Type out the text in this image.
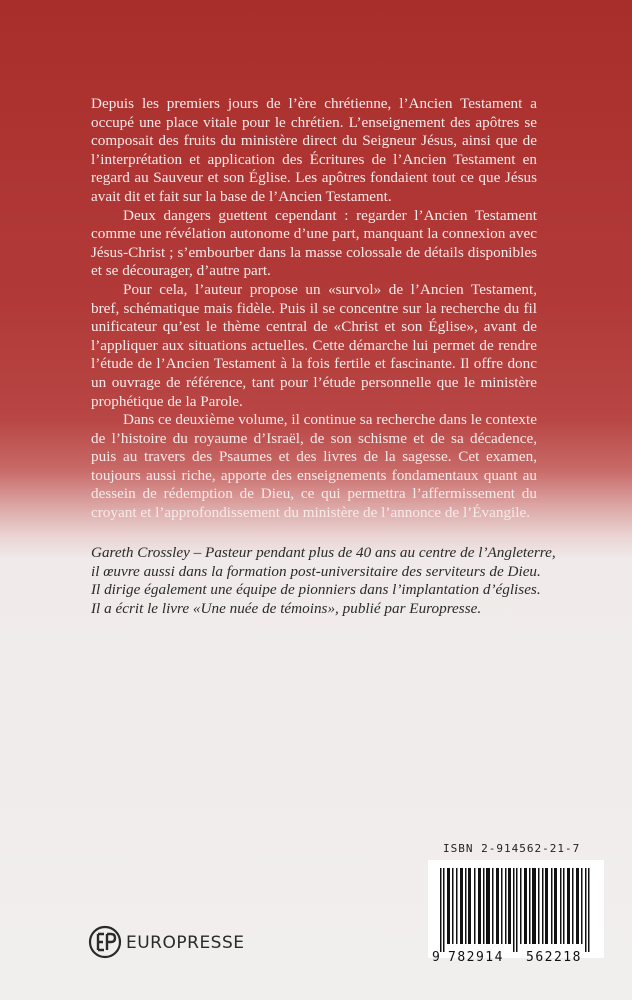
Depuis les premiers jours de l’ère chrétienne, l’Ancien Testament a occupé une place vitale pour le chrétien. L’enseignement des apôtres se composait des fruits du ministère direct du Seigneur Jésus, ainsi que de l’interprétation et application des Écritures de l’Ancien Testament en regard au Sauveur et son Église. Les apôtres fondaient tout ce que Jésus avait dit et fait sur la base de l’Ancien Testament.

Deux dangers guettent cependant : regarder l’Ancien Testament comme une révélation autonome d’une part, manquant la connexion avec Jésus-Christ ; s’embourber dans la masse colossale de détails disponibles et se décourager, d’autre part.

Pour cela, l’auteur propose un «survol» de l’Ancien Testament, bref, schématique mais fidèle. Puis il se concentre sur la recherche du fil unificateur qu’est le thème central de «Christ et son Église», avant de l’appliquer aux situations actuelles. Cette démarche lui permet de rendre l’étude de l’Ancien Testament à la fois fertile et fascinante. Il offre donc un ouvrage de référence, tant pour l’étude personnelle que le ministère prophétique de la Parole.

Dans ce deuxième volume, il continue sa recherche dans le contexte de l’histoire du royaume d’Israël, de son schisme et de sa décadence, puis au travers des Psaumes et des livres de la sagesse. Cet examen, toujours aussi riche, apporte des enseignements fondamentaux quant au dessein de rédemption de Dieu, ce qui permettra l’affermissement du croyant et l’approfondissement du ministère de l’annonce de l’Évangile.

Gareth Crossley – Pasteur pendant plus de 40 ans au centre de l’Angleterre,
il œuvre aussi dans la formation post-universitaire des serviteurs de Dieu.
Il dirige également une équipe de pionniers dans l’implantation d’églises.
Il a écrit le livre «Une nuée de témoins», publié par Europresse.
ISBN 2-914562-21-7
9 782914 562218
EUROPRESSE
